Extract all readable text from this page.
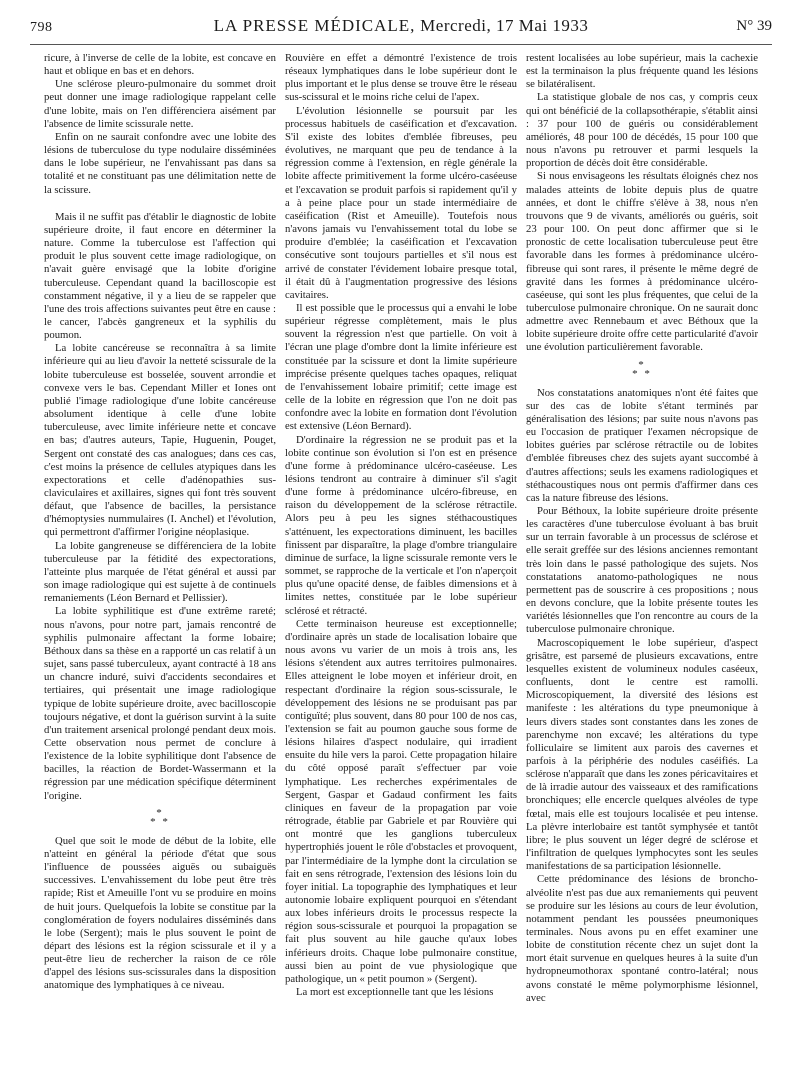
798	LA PRESSE MÉDICALE, Mercredi, 17 Mai 1933	N° 39

ricure, à l'inverse de celle de la lobite, est concave en haut et oblique en bas et en dehors.

Une sclérose pleuro-pulmonaire du sommet droit peut donner une image radiologique rappelant celle d'une lobite, mais on l'en différenciera aisément par l'absence de limite scissurale nette.

Enfin on ne saurait confondre avec une lobite des lésions de tuberculose du type nodulaire disséminées dans le lobe supérieur, ne l'envahissant pas dans sa totalité et ne constituant pas une délimitation nette de la scissure.

Mais il ne suffit pas d'établir le diagnostic de lobite supérieure droite, il faut encore en déterminer la nature. Comme la tuberculose est l'affection qui produit le plus souvent cette image radiologique, on n'avait guère envisagé que la lobite d'origine tuberculeuse. Cependant quand la bacilloscopie est constamment négative, il y a lieu de se rappeler que l'une des trois affections suivantes peut être en cause : le cancer, l'abcès gangreneux et la syphilis du poumon.

La lobite cancéreuse se reconnaîtra à sa limite inférieure qui au lieu d'avoir la netteté scissurale de la lobite tuberculeuse est bosselée, souvent arrondie et convexe vers le bas. Cependant Miller et Iones ont publié l'image radiologique d'une lobite cancéreuse absolument identique à celle d'une lobite tuberculeuse, avec limite inférieure nette et concave en bas; d'autres auteurs, Tapie, Huguenin, Pouget, Sergent ont constaté des cas analogues; dans ces cas, c'est moins la présence de cellules atypiques dans les expectorations et celle d'adénopathies sus-claviculaires et axillaires, signes qui font très souvent défaut, que l'absence de bacilles, la persistance d'hémoptysies nummulaires (I. Anchel) et l'évolution, qui permettront d'affirmer l'origine néoplasique.

La lobite gangreneuse se différenciera de la lobite tuberculeuse par la fétidité des expectorations, l'atteinte plus marquée de l'état général et aussi par son image radiologique qui est sujette à de continuels remaniements (Léon Bernard et Pellissier).

La lobite syphilitique est d'une extrême rareté; nous n'avons, pour notre part, jamais rencontré de syphilis pulmonaire affectant la forme lobaire; Béthoux dans sa thèse en a rapporté un cas relatif à un sujet, sans passé tuberculeux, ayant contracté à 18 ans un chancre induré, suivi d'accidents secondaires et tertiaires, qui présentait une image radiologique typique de lobite supérieure droite, avec bacilloscopie toujours négative, et dont la guérison survint à la suite d'un traitement arsenical prolongé pendant deux mois. Cette observation nous permet de conclure à l'existence de la lobite syphilitique dont l'absence de bacilles, la réaction de Bordet-Wassermann et la régression par une médication spécifique déterminent l'origine.

*
* *

Quel que soit le mode de début de la lobite, elle n'atteint en général la période d'état que sous l'influence de poussées aiguës ou subaiguës successives. L'envahissement du lobe peut être très rapide; Rist et Ameuille l'ont vu se produire en moins de huit jours. Quelquefois la lobite se constitue par la conglomération de foyers nodulaires disséminés dans le lobe (Sergent); mais le plus souvent le point de départ des lésions est la région scissurale et il y a peut-être lieu de rechercher la raison de ce rôle d'appel des lésions sus-scissurales dans la disposition anatomique des lymphatiques à ce niveau.

Rouvière en effet a démontré l'existence de trois réseaux lymphatiques dans le lobe supérieur dont le plus important et le plus dense se trouve être le réseau sus-scissural et le moins riche celui de l'apex.

L'évolution lésionnelle se poursuit par les processus habituels de caséification et d'excavation. S'il existe des lobites d'emblée fibreuses, peu évolutives, ne marquant que peu de tendance à la régression comme à l'extension, en règle générale la lobite affecte primitivement la forme ulcéro-caséeuse et l'excavation se produit parfois si rapidement qu'il y a à peine place pour un stade intermédiaire de caséification (Rist et Ameuille). Toutefois nous n'avons jamais vu l'envahissement total du lobe se produire d'emblée; la caséification et l'excavation consécutive sont toujours partielles et s'il nous est arrivé de constater l'évidement lobaire presque total, il était dû à l'augmentation progressive des lésions cavitaires.

Il est possible que le processus qui a envahi le lobe supérieur régresse complètement, mais le plus souvent la régression n'est que partielle. On voit à l'écran une plage d'ombre dont la limite inférieure est constituée par la scissure et dont la limite supérieure imprécise présente quelques taches opaques, reliquat de l'envahissement lobaire primitif; cette image est celle de la lobite en régression que l'on ne doit pas confondre avec la lobite en formation dont l'évolution est extensive (Léon Bernard).

D'ordinaire la régression ne se produit pas et la lobite continue son évolution si l'on est en présence d'une forme à prédominance ulcéro-caséeuse. Les lésions tendront au contraire à diminuer s'il s'agit d'une forme à prédominance ulcéro-fibreuse, en raison du développement de la sclérose rétractile. Alors peu à peu les signes stéthacoustiques s'atténuent, les expectorations diminuent, les bacilles finissent par disparaître, la plage d'ombre triangulaire diminue de surface, la ligne scissurale remonte vers le sommet, se rapproche de la verticale et l'on n'aperçoit plus qu'une opacité dense, de faibles dimensions et à limites nettes, constituée par le lobe supérieur sclérosé et rétracté.

Cette terminaison heureuse est exceptionnelle; d'ordinaire après un stade de localisation lobaire que nous avons vu varier de un mois à trois ans, les lésions s'étendent aux autres territoires pulmonaires. Elles atteignent le lobe moyen et inférieur droit, en respectant d'ordinaire la région sous-scissurale, le développement des lésions ne se produisant pas par contiguïté; plus souvent, dans 80 pour 100 de nos cas, l'extension se fait au poumon gauche sous forme de lésions hilaires d'aspect nodulaire, qui irradient ensuite du hile vers la paroi. Cette propagation hilaire du côté opposé paraît s'effectuer par voie lymphatique. Les recherches expérimentales de Sergent, Gaspar et Gadaud confirment les faits cliniques en faveur de la propagation par voie rétrograde, établie par Gabriele et par Rouvière qui ont montré que les ganglions tuberculeux hypertrophiés jouent le rôle d'obstacles et provoquent, par l'intermédiaire de la lymphe dont la circulation se fait en sens rétrograde, l'extension des lésions loin du foyer initial. La topographie des lymphatiques et leur autonomie lobaire expliquent pourquoi en s'étendant aux lobes inférieurs droits le processus respecte la région sous-scissurale et pourquoi la propagation se fait plus souvent au hile gauche qu'aux lobes inférieurs droits. Chaque lobe pulmonaire constitue, aussi bien au point de vue physiologique que pathologique, un « petit poumon » (Sergent).

La mort est exceptionnelle tant que les lésions

restent localisées au lobe supérieur, mais la cachexie est la terminaison la plus fréquente quand les lésions se bilatéralisent.

La statistique globale de nos cas, y compris ceux qui ont bénéficié de la collapsothérapie, s'établit ainsi : 37 pour 100 de guéris ou considérablement améliorés, 48 pour 100 de décédés, 15 pour 100 que nous n'avons pu retrouver et parmi lesquels la proportion de décès doit être considérable.

Si nous envisageons les résultats éloignés chez nos malades atteints de lobite depuis plus de quatre années, et dont le chiffre s'élève à 38, nous n'en trouvons que 9 de vivants, améliorés ou guéris, soit 23 pour 100. On peut donc affirmer que si le pronostic de cette localisation tuberculeuse peut être favorable dans les formes à prédominance ulcéro-fibreuse qui sont rares, il présente le même degré de gravité dans les formes à prédominance ulcéro-caséeuse, qui sont les plus fréquentes, que celui de la tuberculose pulmonaire chronique. On ne saurait donc admettre avec Rennebaum et avec Béthoux que la lobite supérieure droite offre cette particularité d'avoir une évolution particulièrement favorable.

*
* *

Nos constatations anatomiques n'ont été faites que sur des cas de lobite s'étant terminés par généralisation des lésions; par suite nous n'avons pas eu l'occasion de pratiquer l'examen nécropsique de lobites guéries par sclérose rétractile ou de lobites d'emblée fibreuses chez des sujets ayant succombé à d'autres affections; seuls les examens radiologiques et stéthacoustiques nous ont permis d'affirmer dans ces cas la nature fibreuse des lésions.

Pour Béthoux, la lobite supérieure droite présente les caractères d'une tuberculose évoluant à bas bruit sur un terrain favorable à un processus de sclérose et elle serait greffée sur des lésions anciennes remontant très loin dans le passé pathologique des sujets. Nos constatations anatomo-pathologiques ne nous permettent pas de souscrire à ces propositions ; nous en devons conclure, que la lobite présente toutes les variétés lésionnelles que l'on rencontre au cours de la tuberculose pulmonaire chronique.

Macroscopiquement le lobe supérieur, d'aspect grisâtre, est parsemé de plusieurs excavations, entre lesquelles existent de volumineux nodules caséeux, confluents, dont le centre est ramolli. Microscopiquement, la diversité des lésions est manifeste : les altérations du type pneumonique à leurs divers stades sont constantes dans les zones de parenchyme non excavé; les altérations du type folliculaire se limitent aux parois des cavernes et parfois à la périphérie des nodules caséifiés. La sclérose n'apparaît que dans les zones péricavitaires et de là irradie autour des vaisseaux et des ramifications bronchiques; elle encercle quelques alvéoles de type fœtal, mais elle est toujours localisée et peu intense. La plèvre interlobaire est tantôt symphysée et tantôt libre; le plus souvent un léger degré de sclérose et l'infiltration de quelques lymphocytes sont les seules manifestations de sa participation lésionnelle.

Cette prédominance des lésions de broncho-alvéolite n'est pas due aux remaniements qui peuvent se produire sur les lésions au cours de leur évolution, notamment pendant les poussées pneumoniques terminales. Nous avons pu en effet examiner une lobite de constitution récente chez un sujet dont la mort était survenue en quelques heures à la suite d'un hydropneumothorax spontané contro-latéral; nous avons constaté le même polymorphisme lésionnel, avec
